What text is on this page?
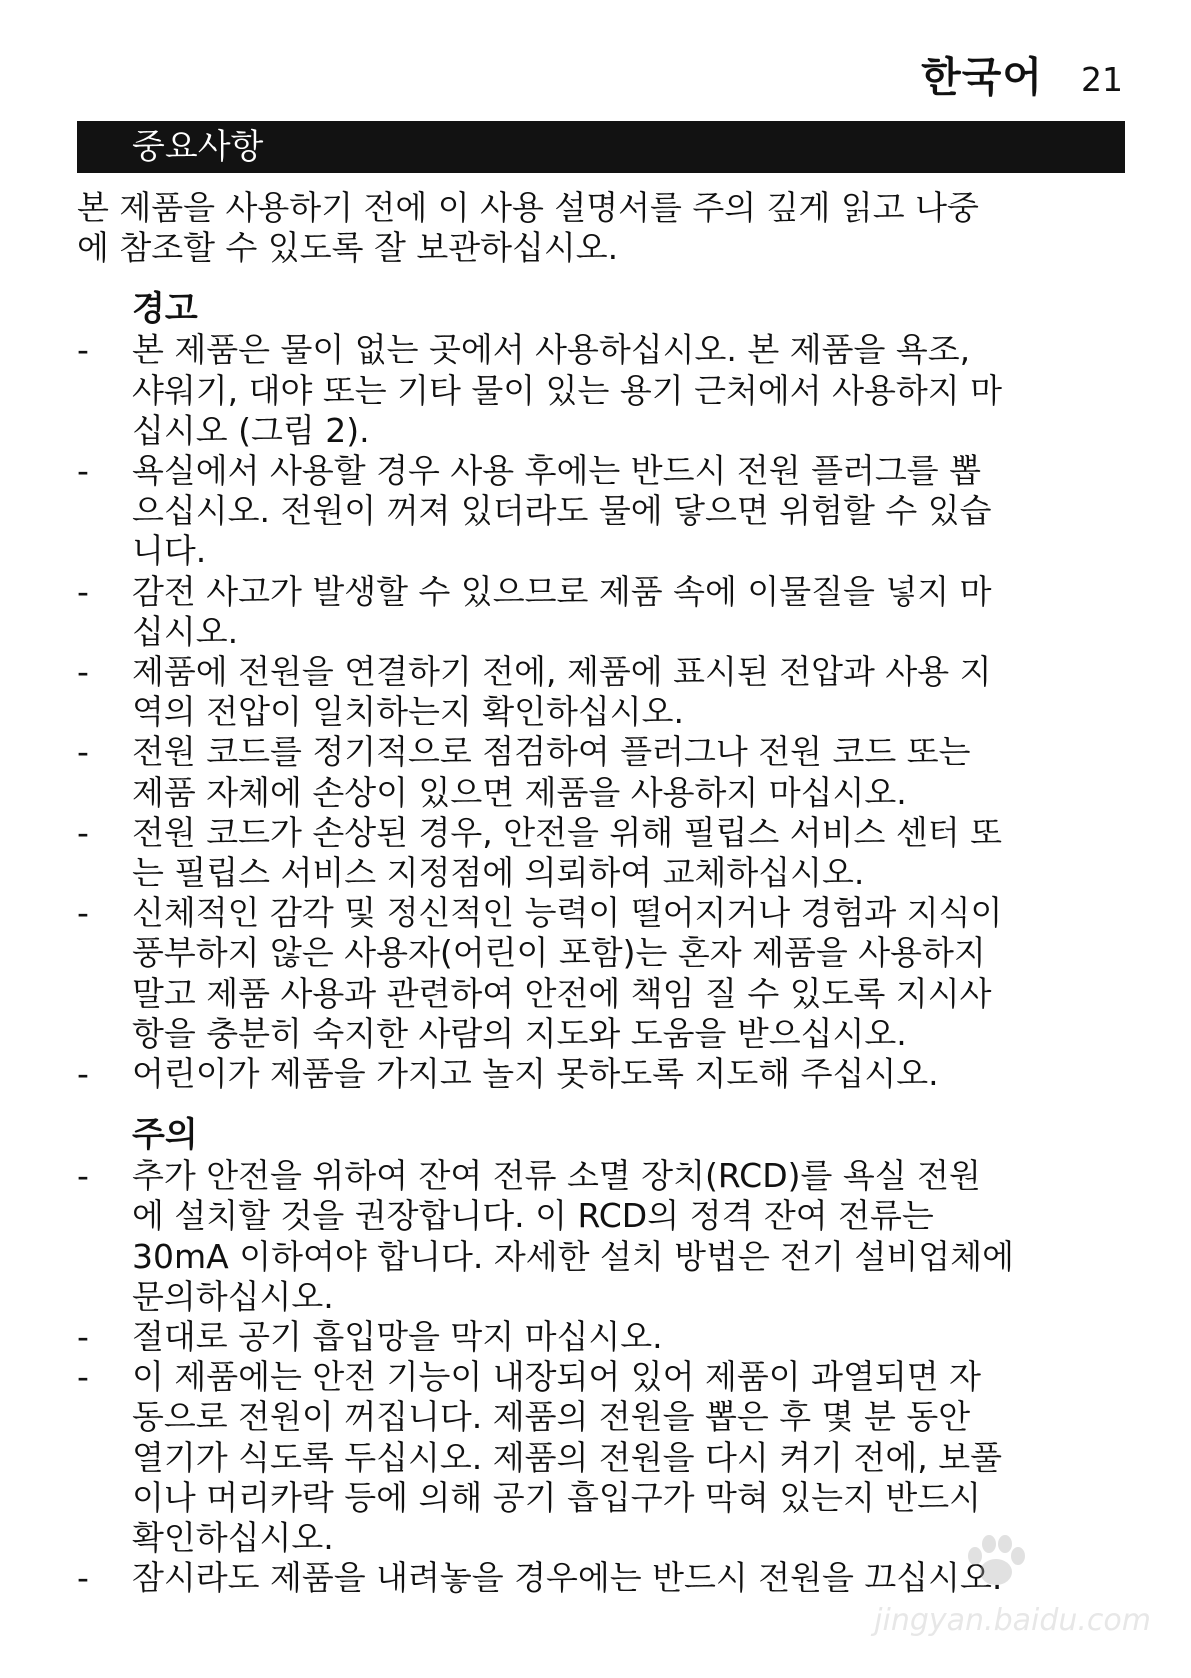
한국어 21
중요사항

본 제품을 사용하기 전에 이 사용 설명서를 주의 깊게 읽고 나중
에 참조할 수 있도록 잘 보관하십시오.

경고
- 본 제품은 물이 없는 곳에서 사용하십시오. 본 제품을 욕조,
샤워기, 대야 또는 기타 물이 있는 용기 근처에서 사용하지 마
십시오 (그림 2).
- 욕실에서 사용할 경우 사용 후에는 반드시 전원 플러그를 뽑
으십시오. 전원이 꺼져 있더라도 물에 닿으면 위험할 수 있습
니다.
- 감전 사고가 발생할 수 있으므로 제품 속에 이물질을 넣지 마
십시오.
- 제품에 전원을 연결하기 전에, 제품에 표시된 전압과 사용 지
역의 전압이 일치하는지 확인하십시오.
- 전원 코드를 정기적으로 점검하여 플러그나 전원 코드 또는
제품 자체에 손상이 있으면 제품을 사용하지 마십시오.
- 전원 코드가 손상된 경우, 안전을 위해 필립스 서비스 센터 또
는 필립스 서비스 지정점에 의뢰하여 교체하십시오.
- 신체적인 감각 및 정신적인 능력이 떨어지거나 경험과 지식이
풍부하지 않은 사용자(어린이 포함)는 혼자 제품을 사용하지
말고 제품 사용과 관련하여 안전에 책임 질 수 있도록 지시사
항을 충분히 숙지한 사람의 지도와 도움을 받으십시오.
- 어린이가 제품을 가지고 놀지 못하도록 지도해 주십시오.
주의
- 추가 안전을 위하여 잔여 전류 소멸 장치(RCD)를 욕실 전원
에 설치할 것을 권장합니다. 이 RCD의 정격 잔여 전류는
30mA 이하여야 합니다. 자세한 설치 방법은 전기 설비업체에
문의하십시오.
- 절대로 공기 흡입망을 막지 마십시오.
- 이 제품에는 안전 기능이 내장되어 있어 제품이 과열되면 자
동으로 전원이 꺼집니다. 제품의 전원을 뽑은 후 몇 분 동안
열기가 식도록 두십시오. 제품의 전원을 다시 켜기 전에, 보풀
이나 머리카락 등에 의해 공기 흡입구가 막혀 있는지 반드시
확인하십시오.
- 잠시라도 제품을 내려놓을 경우에는 반드시 전원을 끄십시오.
jingyan.baidu.com
